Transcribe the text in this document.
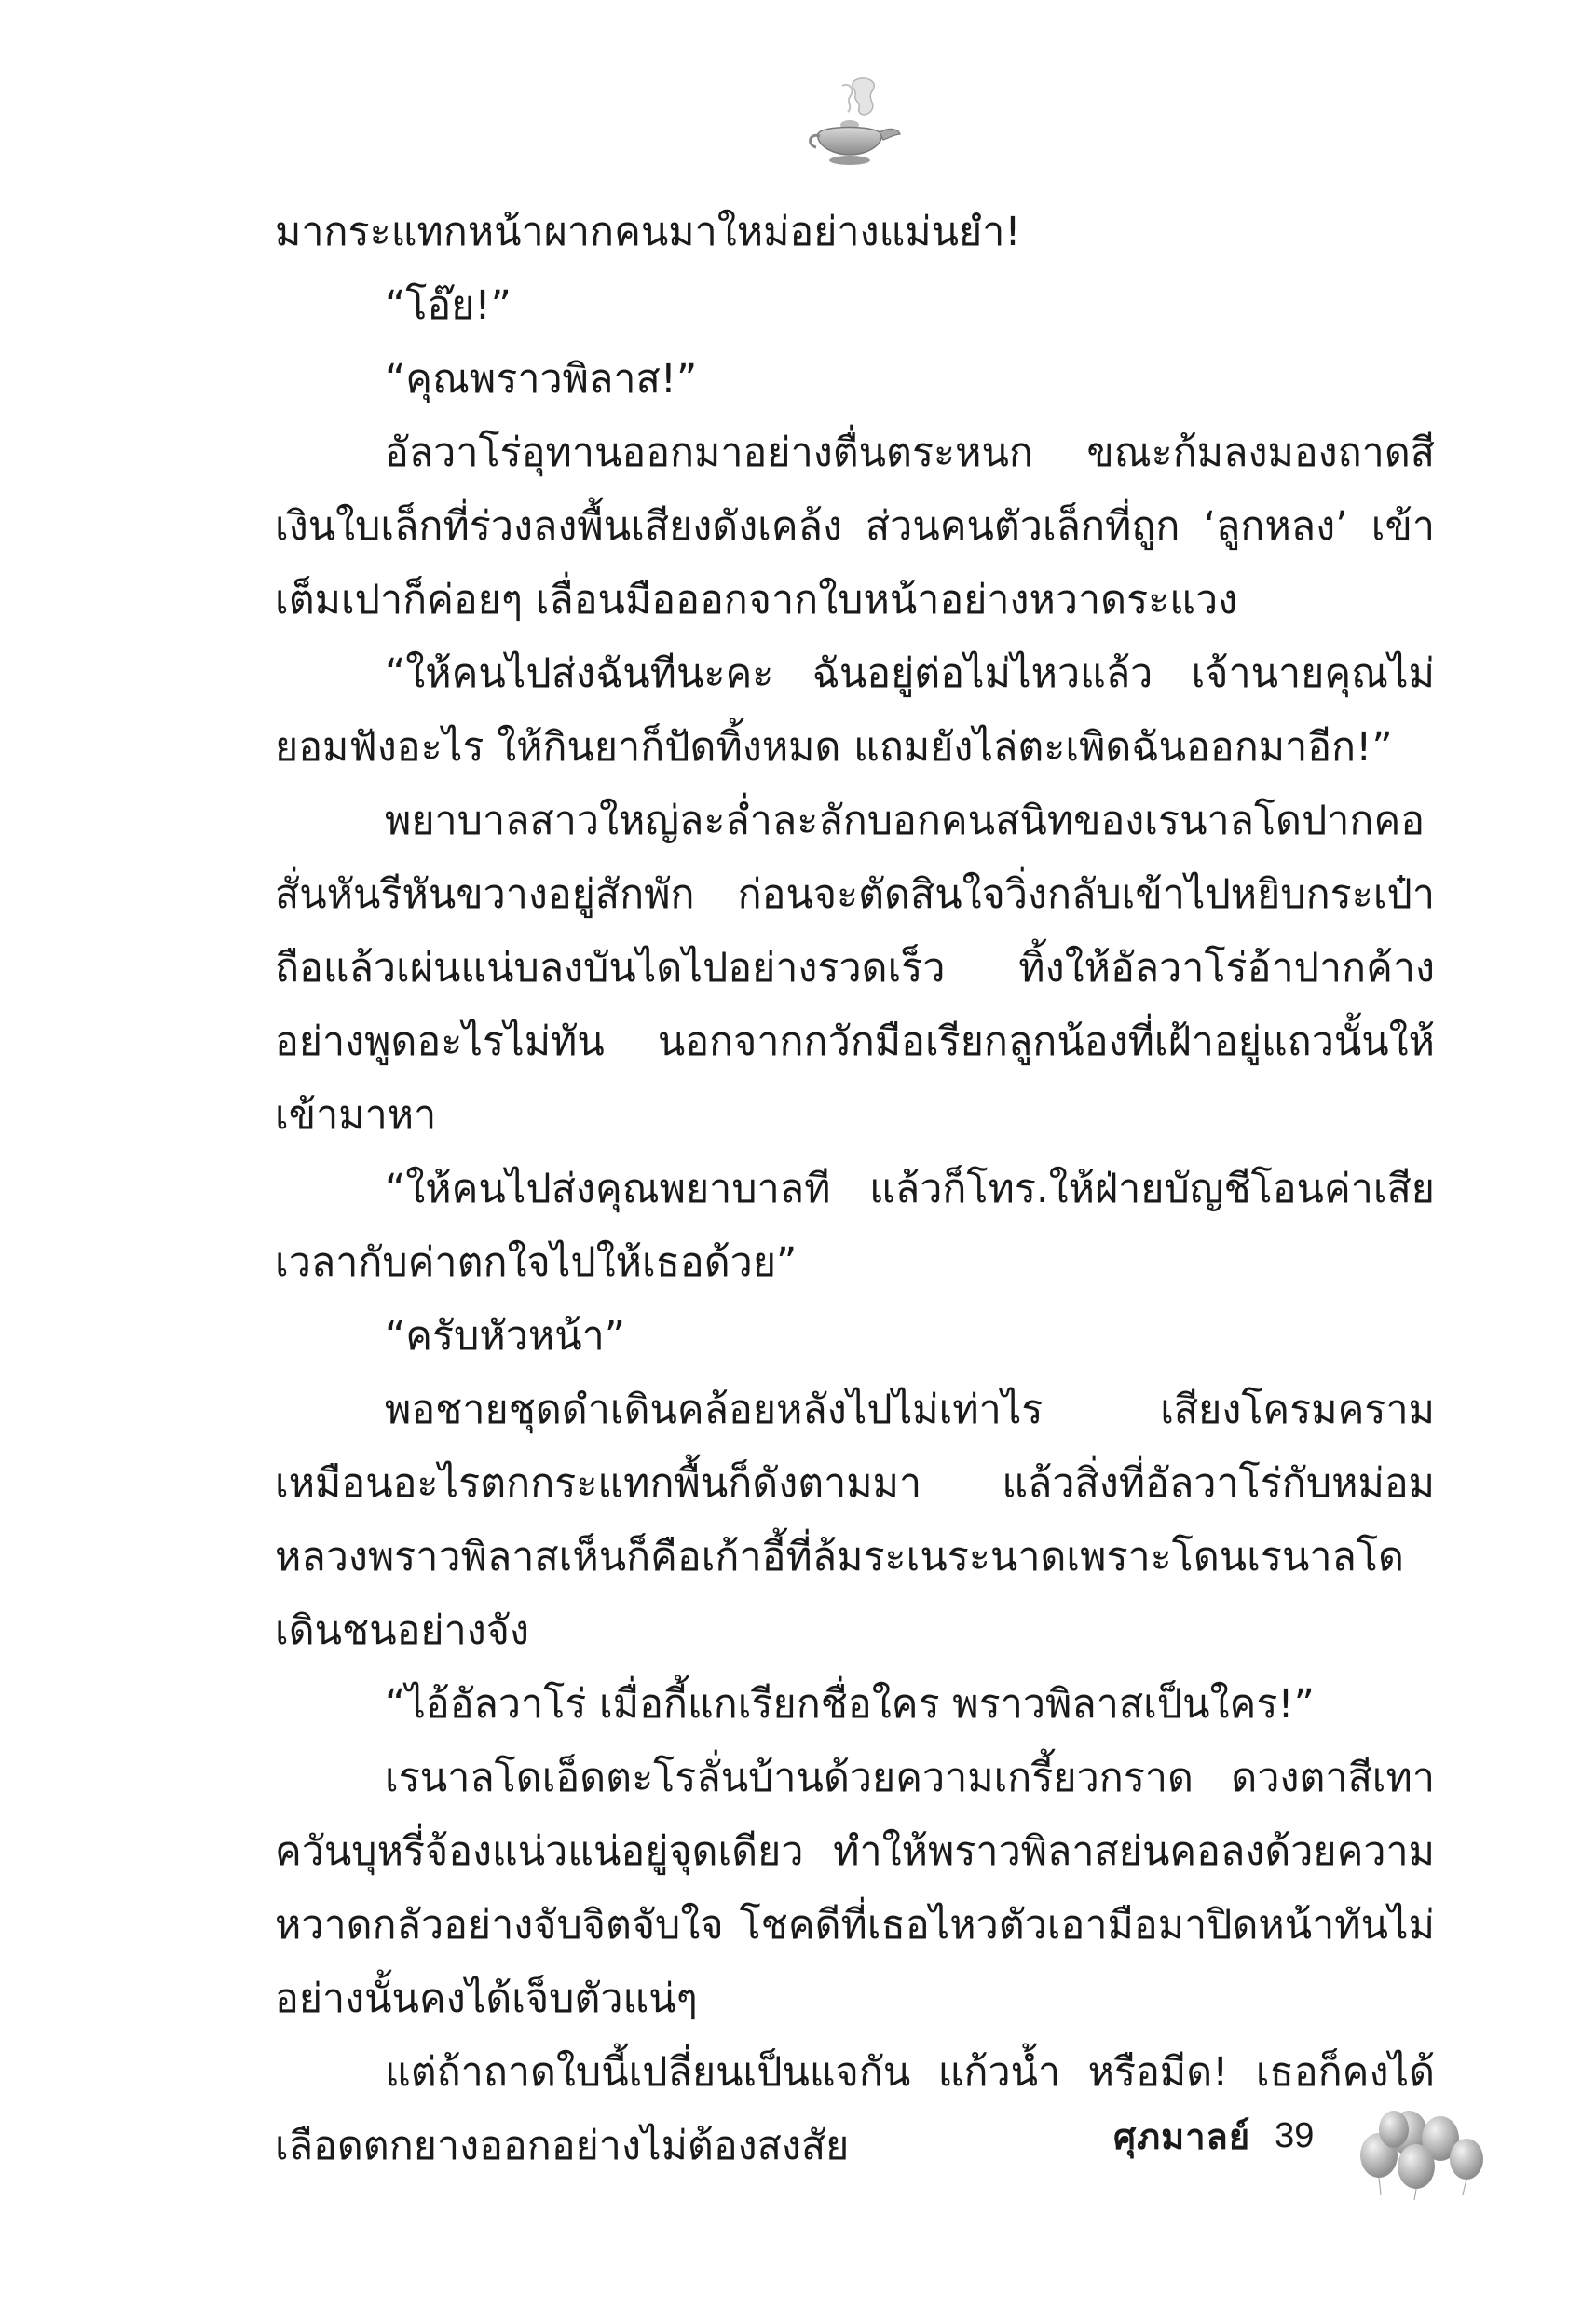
มากระแทกหน้าผากคนมาใหม่อย่างแม่นยำ!

“โอ๊ย!”

“คุณพราวพิลาส!”

อัลวาโร่อุทานออกมาอย่างตื่นตระหนก ขณะก้มลงมองถาดสีเงินใบเล็กที่ร่วงลงพื้นเสียงดังเคล้ง ส่วนคนตัวเล็กที่ถูก ‘ลูกหลง’ เข้าเต็มเปาก็ค่อยๆ เลื่อนมือออกจากใบหน้าอย่างหวาดระแวง

“ให้คนไปส่งฉันทีนะคะ ฉันอยู่ต่อไม่ไหวแล้ว เจ้านายคุณไม่ยอมฟังอะไร ให้กินยาก็ปัดทิ้งหมด แถมยังไล่ตะเพิดฉันออกมาอีก!”

พยาบาลสาวใหญ่ละล่ำละลักบอกคนสนิทของเรนาลโดปากคอสั่นหันรีหันขวางอยู่สักพัก ก่อนจะตัดสินใจวิ่งกลับเข้าไปหยิบกระเป๋าถือแล้วเผ่นแน่บลงบันไดไปอย่างรวดเร็ว ทิ้งให้อัลวาโร่อ้าปากค้างอย่างพูดอะไรไม่ทัน นอกจากกวักมือเรียกลูกน้องที่เฝ้าอยู่แถวนั้นให้เข้ามาหา

“ให้คนไปส่งคุณพยาบาลที แล้วก็โทร.ให้ฝ่ายบัญชีโอนค่าเสียเวลากับค่าตกใจไปให้เธอด้วย”

“ครับหัวหน้า”

พอชายชุดดำเดินคล้อยหลังไปไม่เท่าไร เสียงโครมครามเหมือนอะไรตกกระแทกพื้นก็ดังตามมา แล้วสิ่งที่อัลวาโร่กับหม่อมหลวงพราวพิลาสเห็นก็คือเก้าอี้ที่ล้มระเนระนาดเพราะโดนเรนาลโดเดินชนอย่างจัง

“ไอ้อัลวาโร่ เมื่อกี้แกเรียกชื่อใคร พราวพิลาสเป็นใคร!”

เรนาลโดเอ็ดตะโรลั่นบ้านด้วยความเกรี้ยวกราด ดวงตาสีเทาควันบุหรี่จ้องแน่วแน่อยู่จุดเดียว ทำให้พราวพิลาสย่นคอลงด้วยความหวาดกลัวอย่างจับจิตจับใจ โชคดีที่เธอไหวตัวเอามือมาปิดหน้าทันไม่อย่างนั้นคงได้เจ็บตัวแน่ๆ

แต่ถ้าถาดใบนี้เปลี่ยนเป็นแจกัน แก้วน้ำ หรือมีด! เธอก็คงได้เลือดตกยางออกอย่างไม่ต้องสงสัย	ศุภมาลย์ 39
